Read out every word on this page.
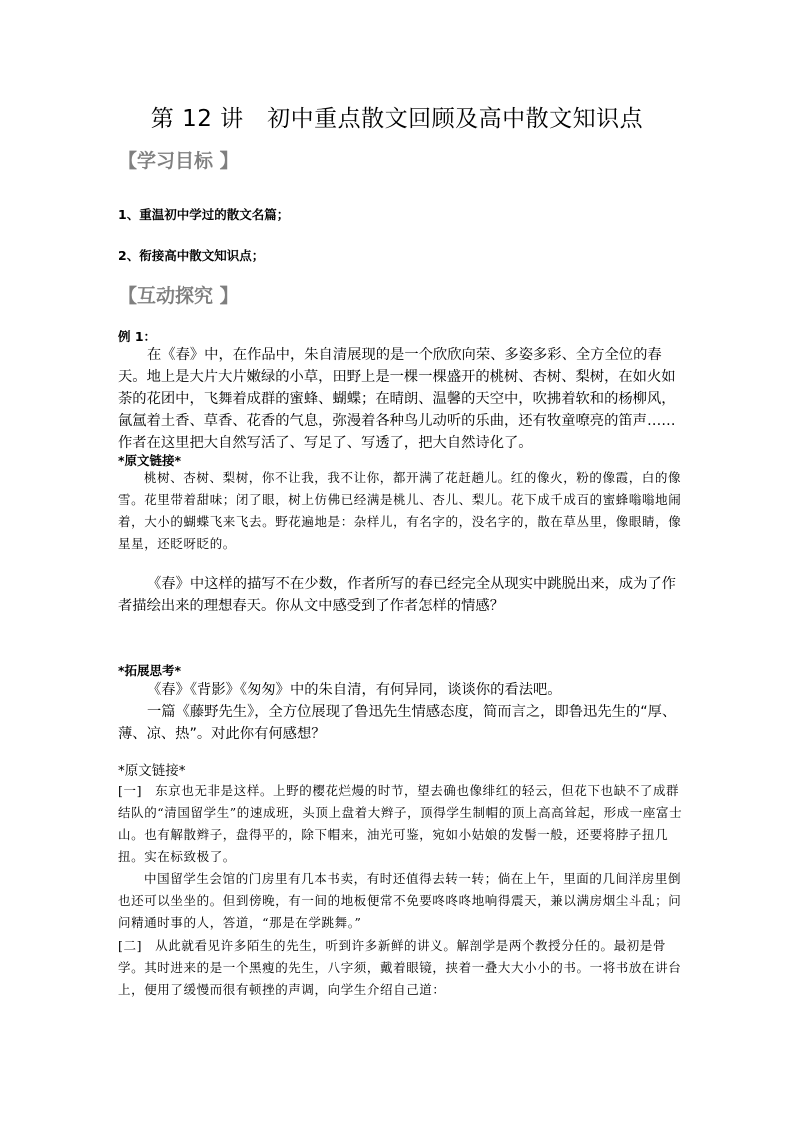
第 12 讲　初中重点散文回顾及高中散文知识点
【学习目标 】
1、重温初中学过的散文名篇；
2、衔接高中散文知识点；
【互动探究 】
例 1：
在《春》中，在作品中，朱自清展现的是一个欣欣向荣、多姿多彩、全方全位的春天。地上是大片大片嫩绿的小草，田野上是一棵一棵盛开的桃树、杏树、梨树，在如火如荼的花团中，飞舞着成群的蜜蜂、蝴蝶；在晴朗、温馨的天空中，吹拂着软和的杨柳风，氤氲着土香、草香、花香的气息，弥漫着各种鸟儿动听的乐曲，还有牧童嘹亮的笛声……作者在这里把大自然写活了、写足了、写透了，把大自然诗化了。
*原文链接*
桃树、杏树、梨树，你不让我，我不让你，都开满了花赶趟儿。红的像火，粉的像霞，白的像雪。花里带着甜味；闭了眼，树上仿佛已经满是桃儿、杏儿、梨儿。花下成千成百的蜜蜂嗡嗡地闹着，大小的蝴蝶飞来飞去。野花遍地是：杂样儿，有名字的，没名字的，散在草丛里，像眼睛，像星星，还眨呀眨的。
《春》中这样的描写不在少数，作者所写的春已经完全从现实中跳脱出来，成为了作者描绘出来的理想春天。你从文中感受到了作者怎样的情感？
*拓展思考*
《春》《背影》《匆匆》中的朱自清，有何异同，谈谈你的看法吧。
一篇《藤野先生》，全方位展现了鲁迅先生情感态度，简而言之，即鲁迅先生的“厚、薄、凉、热”。对此你有何感想？
*原文链接*
[一]　东京也无非是这样。上野的樱花烂熳的时节，望去确也像绯红的轻云，但花下也缺不了成群结队的“清国留学生”的速成班，头顶上盘着大辫子，顶得学生制帽的顶上高高耸起，形成一座富士山。也有解散辫子，盘得平的，除下帽来，油光可鉴，宛如小姑娘的发髻一般，还要将脖子扭几扭。实在标致极了。
中国留学生会馆的门房里有几本书卖，有时还值得去转一转；倘在上午，里面的几间洋房里倒也还可以坐坐的。但到傍晚，有一间的地板便常不免要咚咚咚地响得震天，兼以满房烟尘斗乱；问问精通时事的人，答道，“那是在学跳舞。”
[二]　从此就看见许多陌生的先生，听到许多新鲜的讲义。解剖学是两个教授分任的。最初是骨学。其时进来的是一个黑瘦的先生，八字须，戴着眼镜，挟着一叠大大小小的书。一将书放在讲台上，便用了缓慢而很有顿挫的声调，向学生介绍自己道：
